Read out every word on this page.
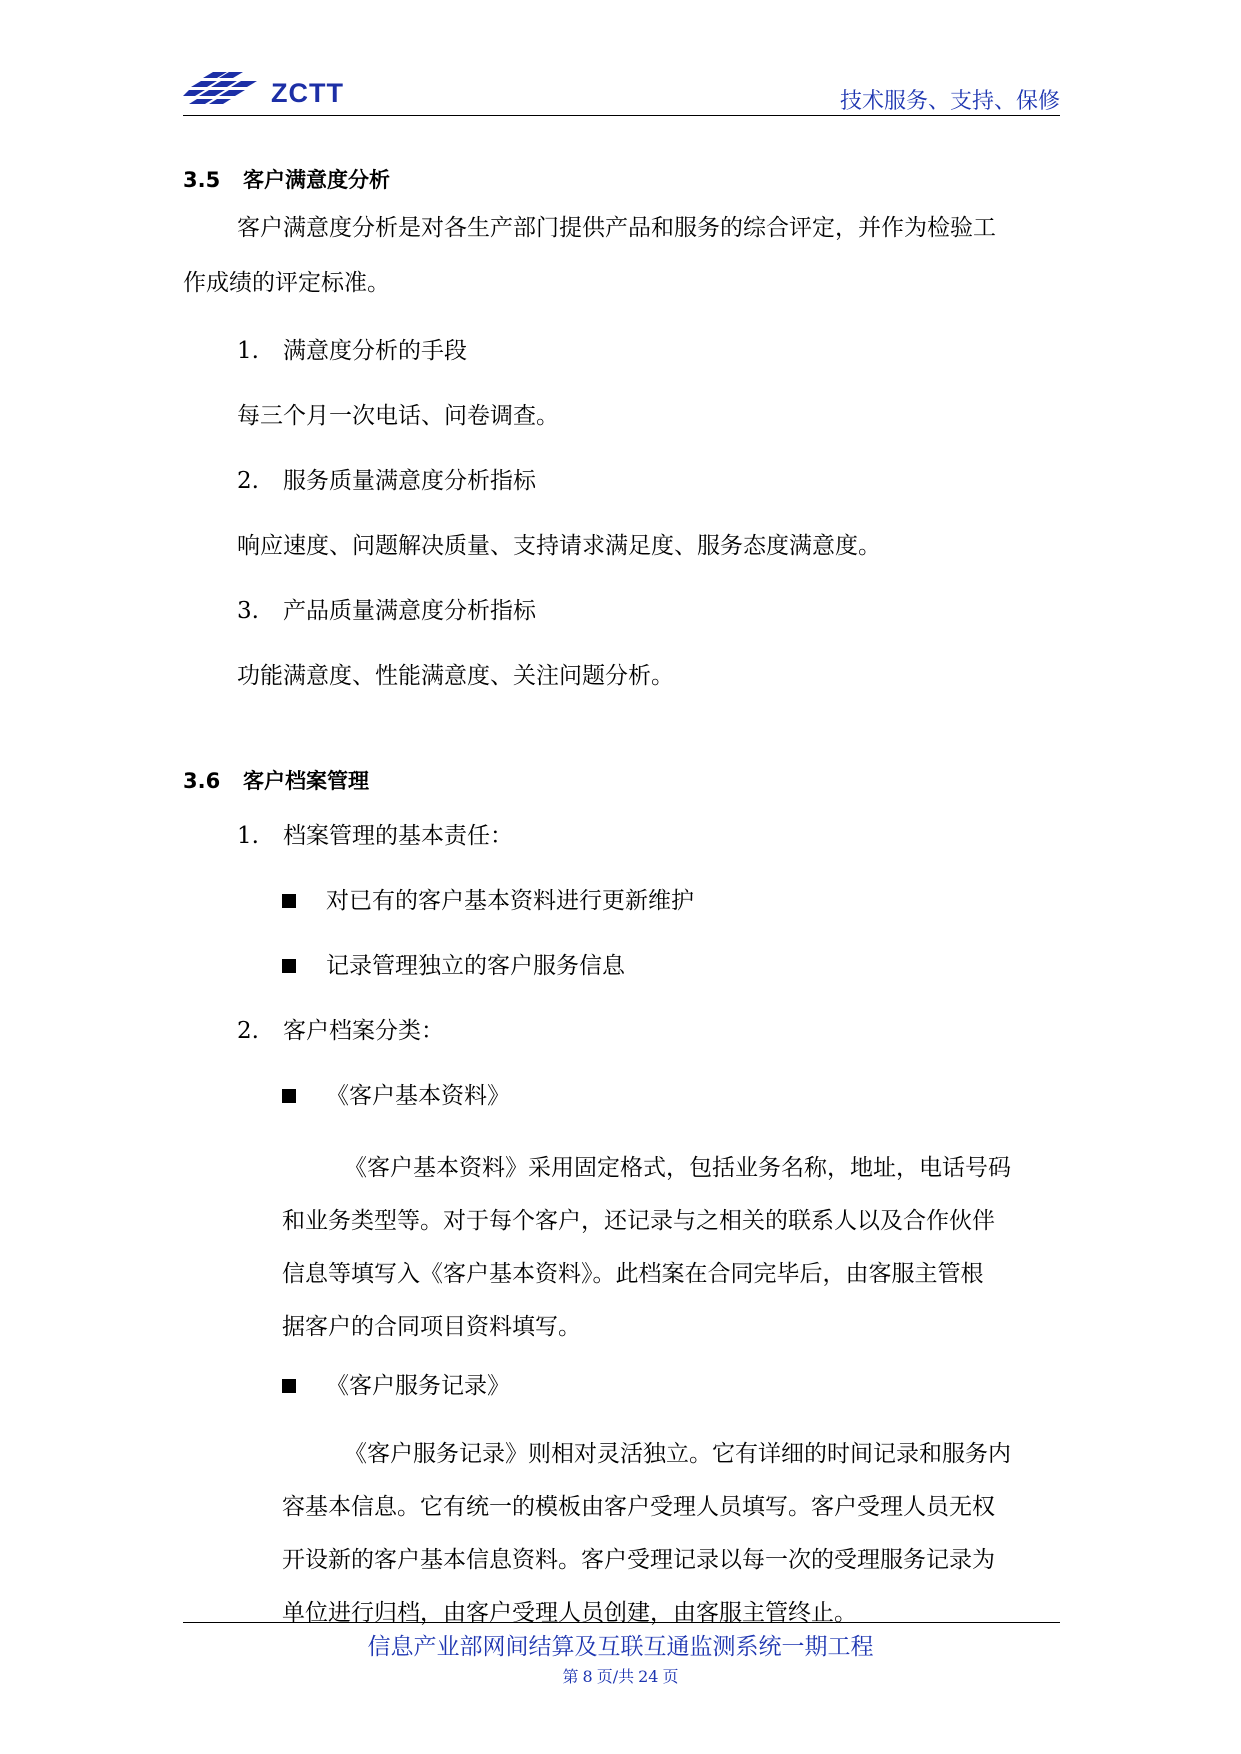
ZCTT	技术服务、支持、保修
3.5 客户满意度分析
客户满意度分析是对各生产部门提供产品和服务的综合评定，并作为检验工
作成绩的评定标准。
1. 满意度分析的手段
每三个月一次电话、问卷调查。
2. 服务质量满意度分析指标
响应速度、问题解决质量、支持请求满足度、服务态度满意度。
3. 产品质量满意度分析指标
功能满意度、性能满意度、关注问题分析。
3.6 客户档案管理
1. 档案管理的基本责任：
对已有的客户基本资料进行更新维护
记录管理独立的客户服务信息
2. 客户档案分类：
《客户基本资料》
《客户基本资料》采用固定格式，包括业务名称，地址，电话号码
和业务类型等。对于每个客户，还记录与之相关的联系人以及合作伙伴
信息等填写入《客户基本资料》。此档案在合同完毕后，由客服主管根
据客户的合同项目资料填写。
《客户服务记录》
《客户服务记录》则相对灵活独立。它有详细的时间记录和服务内
容基本信息。它有统一的模板由客户受理人员填写。客户受理人员无权
开设新的客户基本信息资料。客户受理记录以每一次的受理服务记录为
单位进行归档，由客户受理人员创建，由客服主管终止。
信息产业部网间结算及互联互通监测系统一期工程
第 8 页/共 24 页
